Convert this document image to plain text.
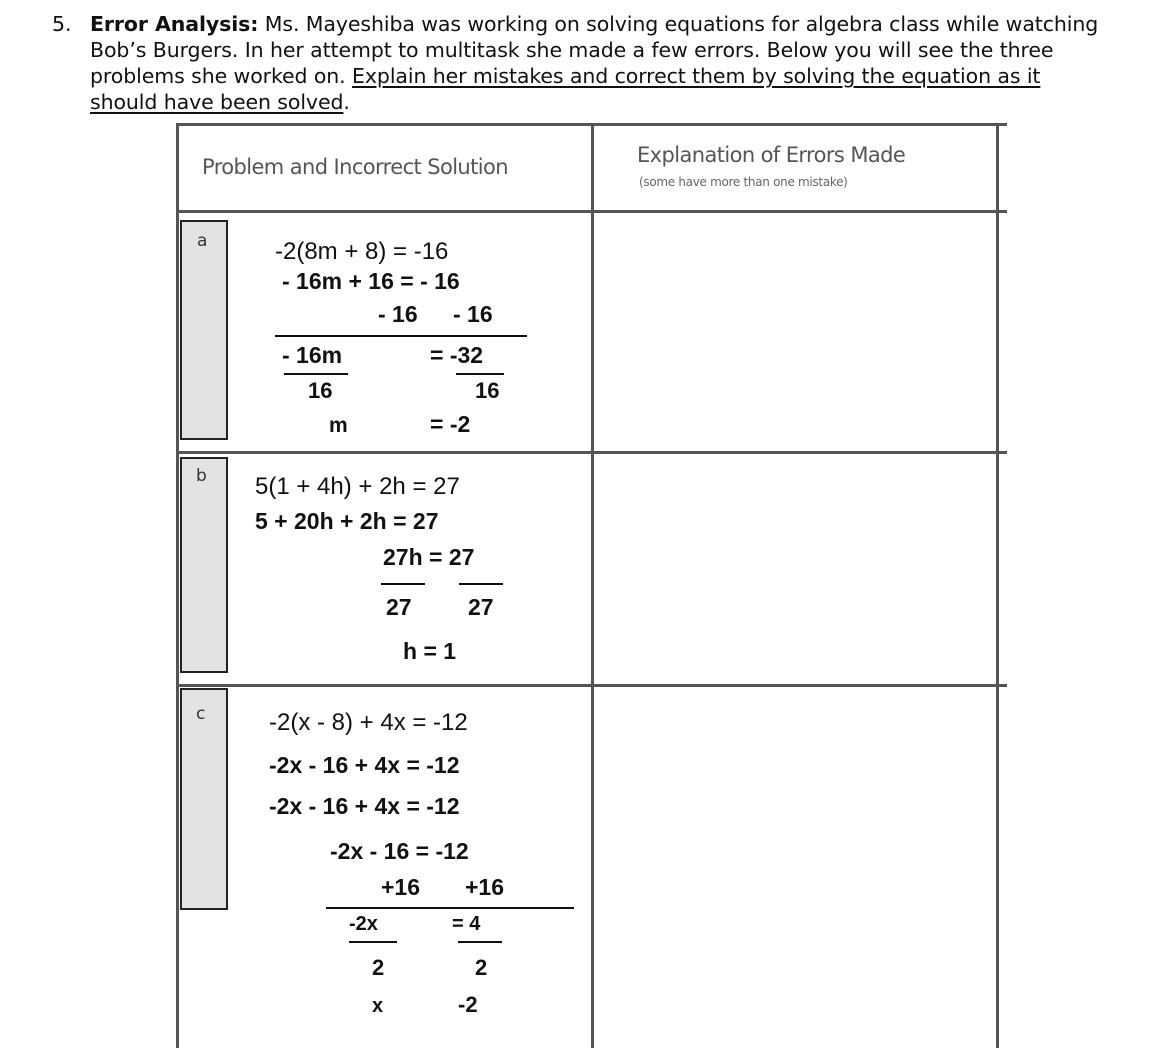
5. Error Analysis: Ms. Mayeshiba was working on solving equations for algebra class while watching
Bob’s Burgers. In her attempt to multitask she made a few errors. Below you will see the three
problems she worked on. Explain her mistakes and correct them by solving the equation as it
should have been solved.
Problem and Incorrect Solution	Explanation of Errors Made
(some have more than one mistake)
a	-2(8m + 8) = -16
- 16m + 16 = - 16
- 16 - 16
- 16m	= -32
16	16
m	= -2
b 5(1 + 4h) + 2h = 27
5 + 20h + 2h = 27
27h = 27
27 27
h = 1
c	-2(x - 8) + 4x = -12
-2x - 16 + 4x = -12
-2x - 16 + 4x = -12
-2x - 16 = -12
+16 +16
-2x	= 4
2	2
x	-2
